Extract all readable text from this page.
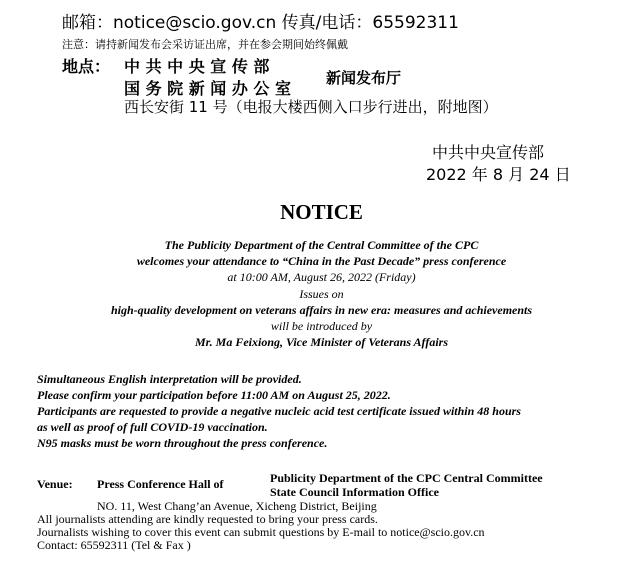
邮箱：notice@scio.gov.cn 传真/电话：65592311
注意：请持新闻发布会采访证出席，并在参会期间始终佩戴
地点： 中 共 中 央 宣 传 部
国 务 院 新 闻 办 公 室
新闻发布厅
西长安街 11 号（电报大楼西侧入口步行进出，附地图）
中共中央宣传部
2022 年 8 月 24 日
NOTICE
The Publicity Department of the Central Committee of the CPC
welcomes your attendance to “China in the Past Decade” press conference
at 10:00 AM, August 26, 2022 (Friday)
Issues on
high-quality development on veterans affairs in new era: measures and achievements
will be introduced by
Mr. Ma Feixiong, Vice Minister of Veterans Affairs
Simultaneous English interpretation will be provided.
Please confirm your participation before 11:00 AM on August 25, 2022.
Participants are requested to provide a negative nucleic acid test certificate issued within 48 hours
as well as proof of full COVID-19 vaccination.
N95 masks must be worn throughout the press conference.
Venue: Press Conference Hall of	Publicity Department of the CPC Central Committee
State Council Information Office
NO. 11, West Chang’an Avenue, Xicheng District, Beijing
All journalists attending are kindly requested to bring your press cards.
Journalists wishing to cover this event can submit questions by E-mail to notice@scio.gov.cn
Contact: 65592311 (Tel & Fax )
